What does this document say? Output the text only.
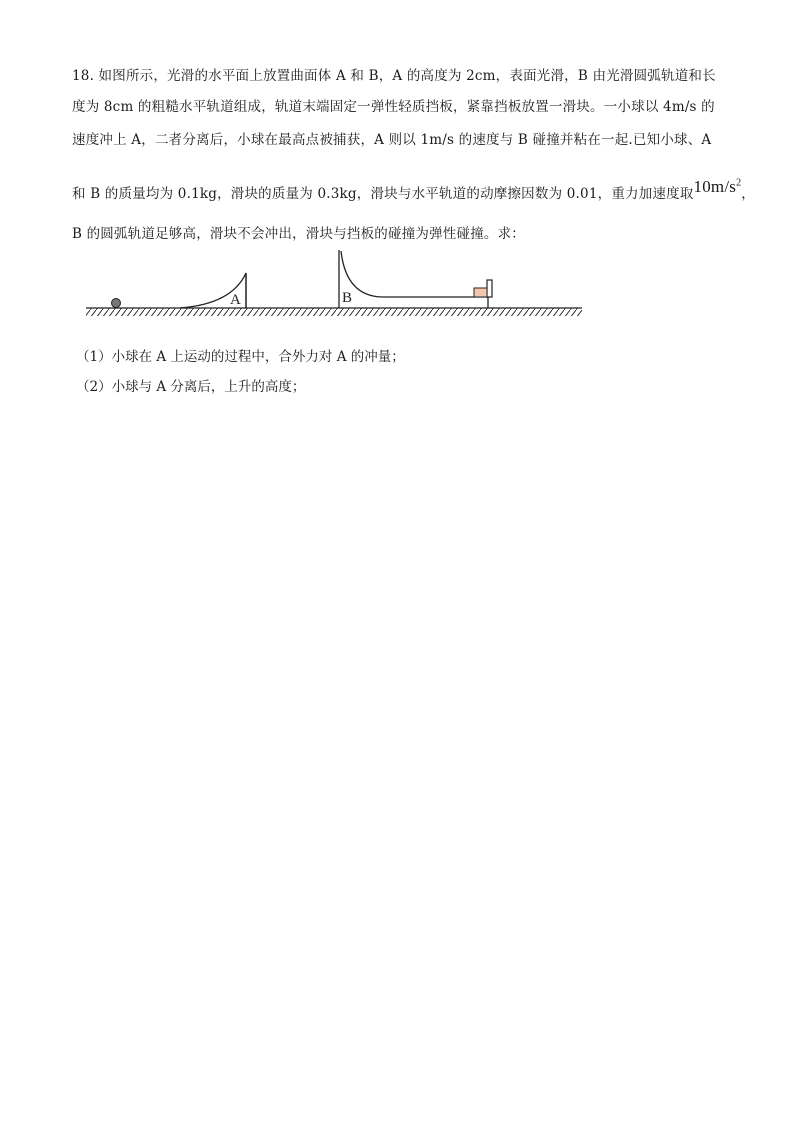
18. 如图所示，光滑的水平面上放置曲面体 A 和 B，A 的高度为 2cm，表面光滑，B 由光滑圆弧轨道和长
度为 8cm 的粗糙水平轨道组成，轨道末端固定一弹性轻质挡板，紧靠挡板放置一滑块。一小球以 4m/s 的
速度冲上 A，二者分离后，小球在最高点被捕获，A 则以 1m/s 的速度与 B 碰撞并粘在一起.已知小球、A
和 B 的质量均为 0.1kg，滑块的质量为 0.3kg，滑块与水平轨道的动摩擦因数为 0.01，重力加速度取$10m/s^2$，
B 的圆弧轨道足够高，滑块不会冲出，滑块与挡板的碰撞为弹性碰撞。求：
A	B
（1）小球在 A 上运动的过程中，合外力对 A 的冲量；
（2）小球与 A 分离后，上升的高度；
